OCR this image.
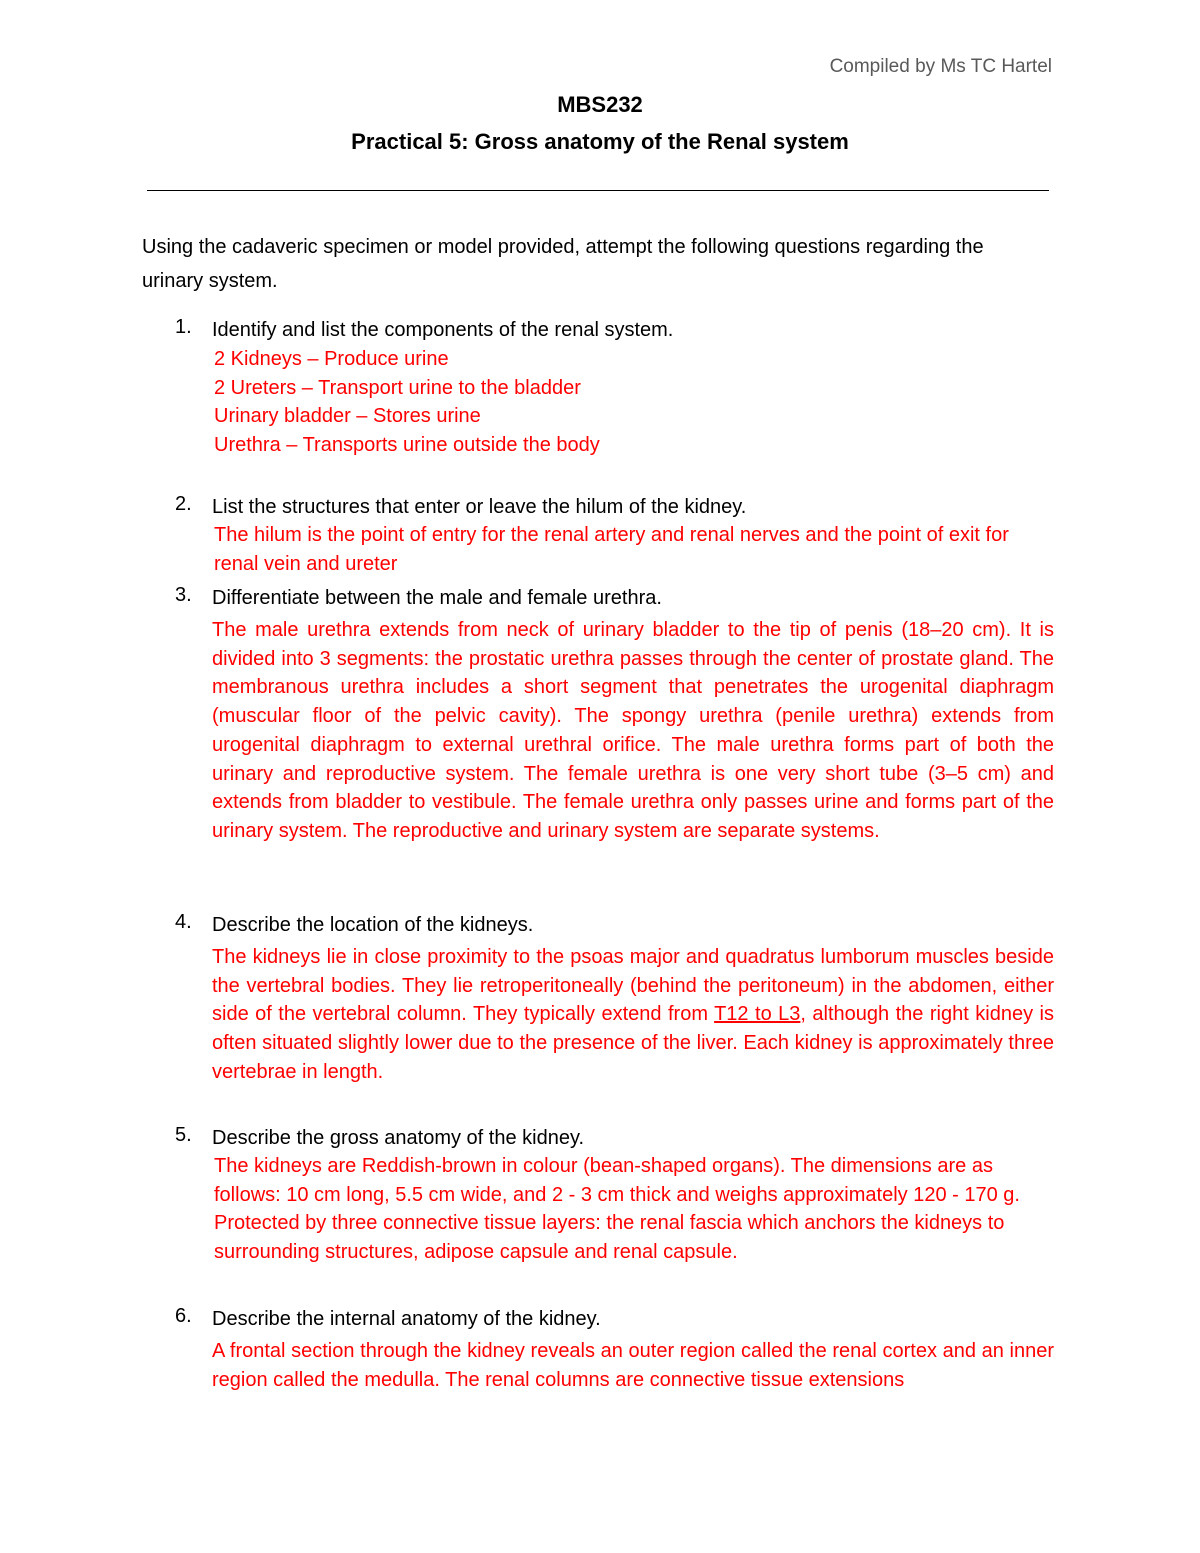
Compiled by Ms TC Hartel
MBS232
Practical 5: Gross anatomy of the Renal system
Using the cadaveric specimen or model provided, attempt the following questions regarding the urinary system.
1. Identify and list the components of the renal system.
2 Kidneys – Produce urine
2 Ureters – Transport urine to the bladder
Urinary bladder – Stores urine
Urethra – Transports urine outside the body
2. List the structures that enter or leave the hilum of the kidney.
The hilum is the point of entry for the renal artery and renal nerves and the point of exit for renal vein and ureter
3. Differentiate between the male and female urethra.
The male urethra extends from neck of urinary bladder to the tip of penis (18–20 cm). It is divided into 3 segments: the prostatic urethra passes through the center of prostate gland. The membranous urethra includes a short segment that penetrates the urogenital diaphragm (muscular floor of the pelvic cavity). The spongy urethra (penile urethra) extends from urogenital diaphragm to external urethral orifice. The male urethra forms part of both the urinary and reproductive system. The female urethra is one very short tube (3–5 cm) and extends from bladder to vestibule. The female urethra only passes urine and forms part of the urinary system. The reproductive and urinary system are separate systems.
4. Describe the location of the kidneys.
The kidneys lie in close proximity to the psoas major and quadratus lumborum muscles beside the vertebral bodies. They lie retroperitoneally (behind the peritoneum) in the abdomen, either side of the vertebral column. They typically extend from T12 to L3, although the right kidney is often situated slightly lower due to the presence of the liver. Each kidney is approximately three vertebrae in length.
5. Describe the gross anatomy of the kidney.
The kidneys are Reddish-brown in colour (bean-shaped organs). The dimensions are as follows: 10 cm long, 5.5 cm wide, and 2 - 3 cm thick and weighs approximately 120 - 170 g. Protected by three connective tissue layers: the renal fascia which anchors the kidneys to surrounding structures, adipose capsule and renal capsule.
6. Describe the internal anatomy of the kidney.
A frontal section through the kidney reveals an outer region called the renal cortex and an inner region called the medulla. The renal columns are connective tissue extensions
